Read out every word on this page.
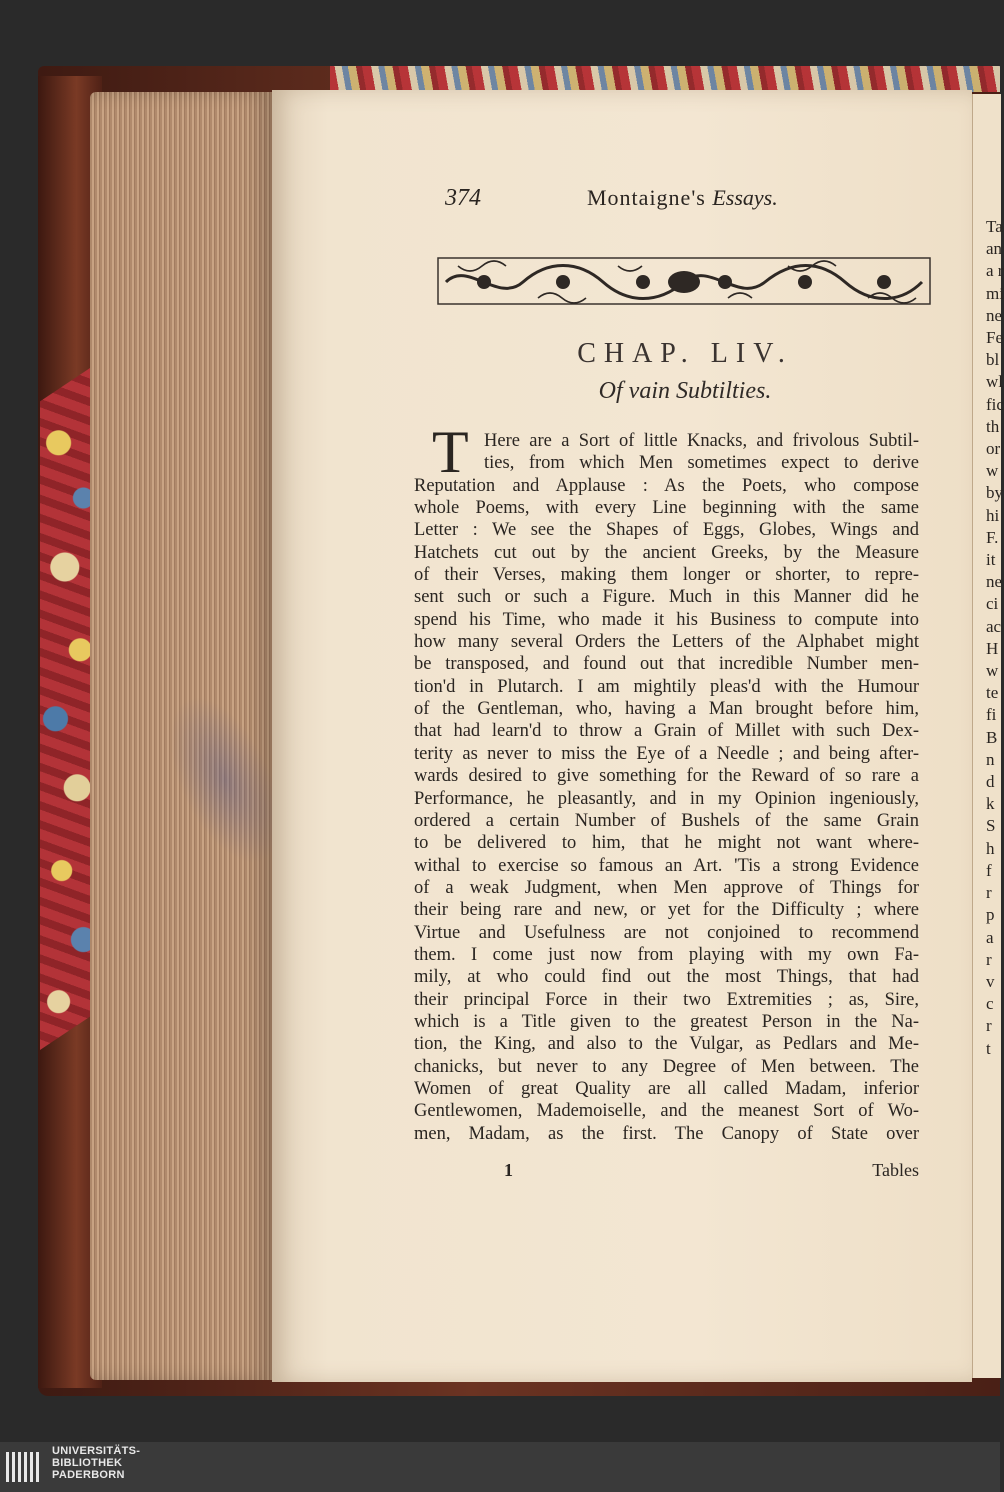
Ta
an
a r
mi
ne
Fe
bl
wl
fic
th
or
w
by
hi
F.
it
ne
ci
ac
H
w
te
fi
B
n
d
k
S
h
f
r
p
a
r
v
c
r
t
374	Montaigne's Essays.
CHAP. LIV.
Of vain Subtilties.
T Here are a Sort of little Knacks, and frivolous Subtil-
ties, from which Men sometimes expect to derive
Reputation and Applause : As the Poets, who compose
whole Poems, with every Line beginning with the same
Letter : We see the Shapes of Eggs, Globes, Wings and
Hatchets cut out by the ancient Greeks, by the Measure
of their Verses, making them longer or shorter, to repre-
sent such or such a Figure. Much in this Manner did he
spend his Time, who made it his Business to compute into
how many several Orders the Letters of the Alphabet might
be transposed, and found out that incredible Number men-
tion'd in Plutarch. I am mightily pleas'd with the Humour
of the Gentleman, who, having a Man brought before him,
that had learn'd to throw a Grain of Millet with such Dex-
terity as never to miss the Eye of a Needle ; and being after-
wards desired to give something for the Reward of so rare a
Performance, he pleasantly, and in my Opinion ingeniously,
ordered a certain Number of Bushels of the same Grain
to be delivered to him, that he might not want where-
withal to exercise so famous an Art. 'Tis a strong Evidence
of a weak Judgment, when Men approve of Things for
their being rare and new, or yet for the Difficulty ; where
Virtue and Usefulness are not conjoined to recommend
them. I come just now from playing with my own Fa-
mily, at who could find out the most Things, that had
their principal Force in their two Extremities ; as, Sire,
which is a Title given to the greatest Person in the Na-
tion, the King, and also to the Vulgar, as Pedlars and Me-
chanicks, but never to any Degree of Men between. The
Women of great Quality are all called Madam, inferior
Gentlewomen, Mademoiselle, and the meanest Sort of Wo-
men, Madam, as the first. The Canopy of State over
1	Tables
UNIVERSITÄTS-
BIBLIOTHEK
PADERBORN
